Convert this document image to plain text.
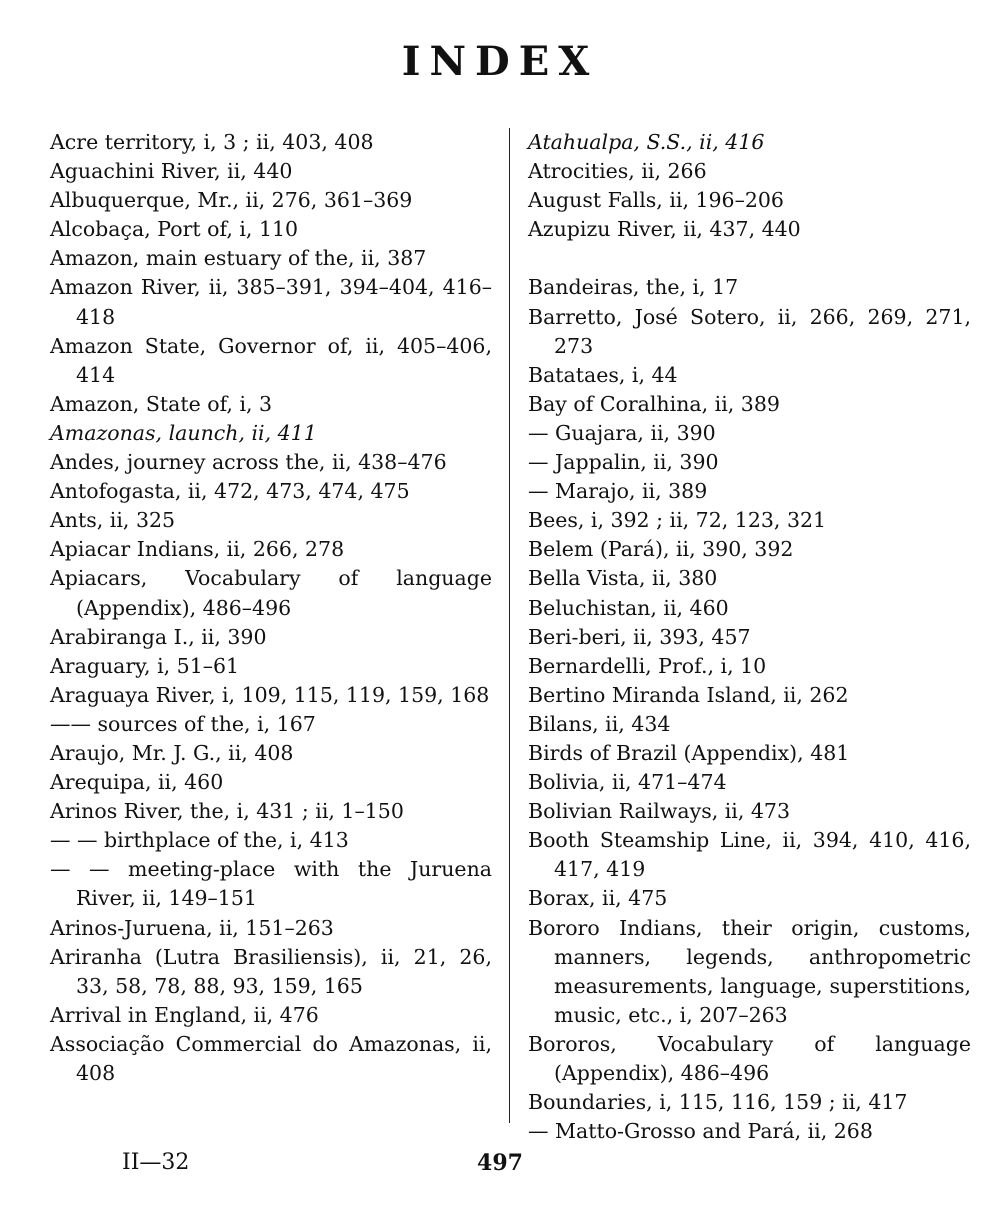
INDEX

Acre territory, i, 3 ; ii, 403, 408

Aguachini River, ii, 440

Albuquerque, Mr., ii, 276, 361–369

Alcobaça, Port of, i, 110

Amazon, main estuary of the, ii, 387

Amazon River, ii, 385–391, 394–404, 416–418

Amazon State, Governor of, ii, 405–406, 414

Amazon, State of, i, 3

Amazonas, launch, ii, 411

Andes, journey across the, ii, 438–476

Antofogasta, ii, 472, 473, 474, 475

Ants, ii, 325

Apiacar Indians, ii, 266, 278

Apiacars, Vocabulary of language (Appendix), 486–496

Arabiranga I., ii, 390

Araguary, i, 51–61

Araguaya River, i, 109, 115, 119, 159, 168

—— sources of the, i, 167

Araujo, Mr. J. G., ii, 408

Arequipa, ii, 460

Arinos River, the, i, 431 ; ii, 1–150

— — birthplace of the, i, 413

— — meeting-place with the Juruena River, ii, 149–151

Arinos-Juruena, ii, 151–263

Ariranha (Lutra Brasiliensis), ii, 21, 26, 33, 58, 78, 88, 93, 159, 165

Arrival in England, ii, 476

Associação Commercial do Amazonas, ii, 408

Atahualpa, S.S., ii, 416

Atrocities, ii, 266

August Falls, ii, 196–206

Azupizu River, ii, 437, 440

Bandeiras, the, i, 17

Barretto, José Sotero, ii, 266, 269, 271, 273

Batataes, i, 44

Bay of Coralhina, ii, 389

— Guajara, ii, 390

— Jappalin, ii, 390

— Marajo, ii, 389

Bees, i, 392 ; ii, 72, 123, 321

Belem (Pará), ii, 390, 392

Bella Vista, ii, 380

Beluchistan, ii, 460

Beri-beri, ii, 393, 457

Bernardelli, Prof., i, 10

Bertino Miranda Island, ii, 262

Bilans, ii, 434

Birds of Brazil (Appendix), 481

Bolivia, ii, 471–474

Bolivian Railways, ii, 473

Booth Steamship Line, ii, 394, 410, 416, 417, 419

Borax, ii, 475

Bororo Indians, their origin, customs, manners, legends, anthropometric measurements, language, superstitions, music, etc., i, 207–263

Bororos, Vocabulary of language (Appendix), 486–496

Boundaries, i, 115, 116, 159 ; ii, 417

— Matto-Grosso and Pará, ii, 268

II—32	497
